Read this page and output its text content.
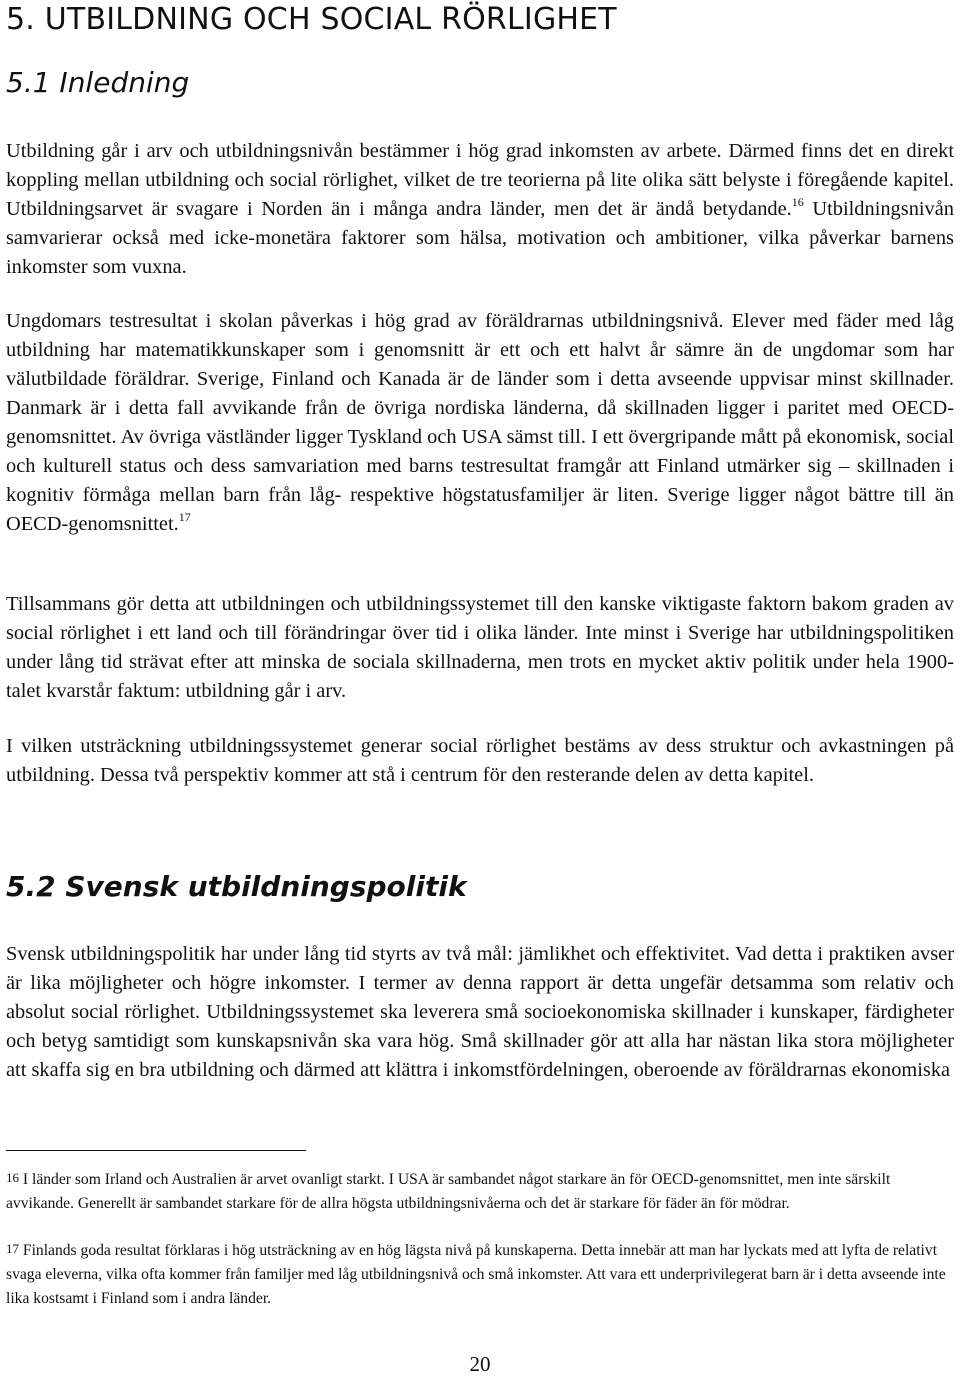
5. UTBILDNING OCH SOCIAL RÖRLIGHET
5.1 Inledning

Utbildning går i arv och utbildningsnivån bestämmer i hög grad inkomsten av arbete. Därmed finns det en direkt koppling mellan utbildning och social rörlighet, vilket de tre teorierna på lite olika sätt belyste i föregående kapitel. Utbildningsarvet är svagare i Norden än i många andra länder, men det är ändå betydande.$^{16}$ Utbildningsnivån samvarierar också med icke-monetära faktorer som hälsa, motivation och ambitioner, vilka påverkar barnens inkomster som vuxna.

Ungdomars testresultat i skolan påverkas i hög grad av föräldrarnas utbildningsnivå. Elever med fäder med låg utbildning har matematikkunskaper som i genomsnitt är ett och ett halvt år sämre än de ungdomar som har välutbildade föräldrar. Sverige, Finland och Kanada är de länder som i detta avseende uppvisar minst skillnader. Danmark är i detta fall avvikande från de övriga nordiska länderna, då skillnaden ligger i paritet med OECD-genomsnittet. Av övriga västländer ligger Tyskland och USA sämst till. I ett övergripande mått på ekonomisk, social och kulturell status och dess samvariation med barns testresultat framgår att Finland utmärker sig – skillnaden i kognitiv förmåga mellan barn från låg- respektive högstatusfamiljer är liten. Sverige ligger något bättre till än OECD-genomsnittet.$^{17}$

Tillsammans gör detta att utbildningen och utbildningssystemet till den kanske viktigaste faktorn bakom graden av social rörlighet i ett land och till förändringar över tid i olika länder. Inte minst i Sverige har utbildningspolitiken under lång tid strävat efter att minska de sociala skillnaderna, men trots en mycket aktiv politik under hela 1900-talet kvarstår faktum: utbildning går i arv.

I vilken utsträckning utbildningssystemet generar social rörlighet bestäms av dess struktur och avkastningen på utbildning. Dessa två perspektiv kommer att stå i centrum för den resterande delen av detta kapitel.

5.2 Svensk utbildningspolitik

Svensk utbildningspolitik har under lång tid styrts av två mål: jämlikhet och effektivitet. Vad detta i praktiken avser är lika möjligheter och högre inkomster. I termer av denna rapport är detta ungefär detsamma som relativ och absolut social rörlighet. Utbildningssystemet ska leverera små socioekonomiska skillnader i kunskaper, färdigheter och betyg samtidigt som kunskapsnivån ska vara hög. Små skillnader gör att alla har nästan lika stora möjligheter att skaffa sig en bra utbildning och därmed att klättra i inkomstfördelningen, oberoende av föräldrarnas ekonomiska

16 I länder som Irland och Australien är arvet ovanligt starkt. I USA är sambandet något starkare än för OECD-genomsnittet, men inte särskilt avvikande. Generellt är sambandet starkare för de allra högsta utbildningsnivåerna och det är starkare för fäder än för mödrar.

17 Finlands goda resultat förklaras i hög utsträckning av en hög lägsta nivå på kunskaperna. Detta innebär att man har lyckats med att lyfta de relativt svaga eleverna, vilka ofta kommer från familjer med låg utbildningsnivå och små inkomster. Att vara ett underprivilegerat barn är i detta avseende inte lika kostsamt i Finland som i andra länder.

20
